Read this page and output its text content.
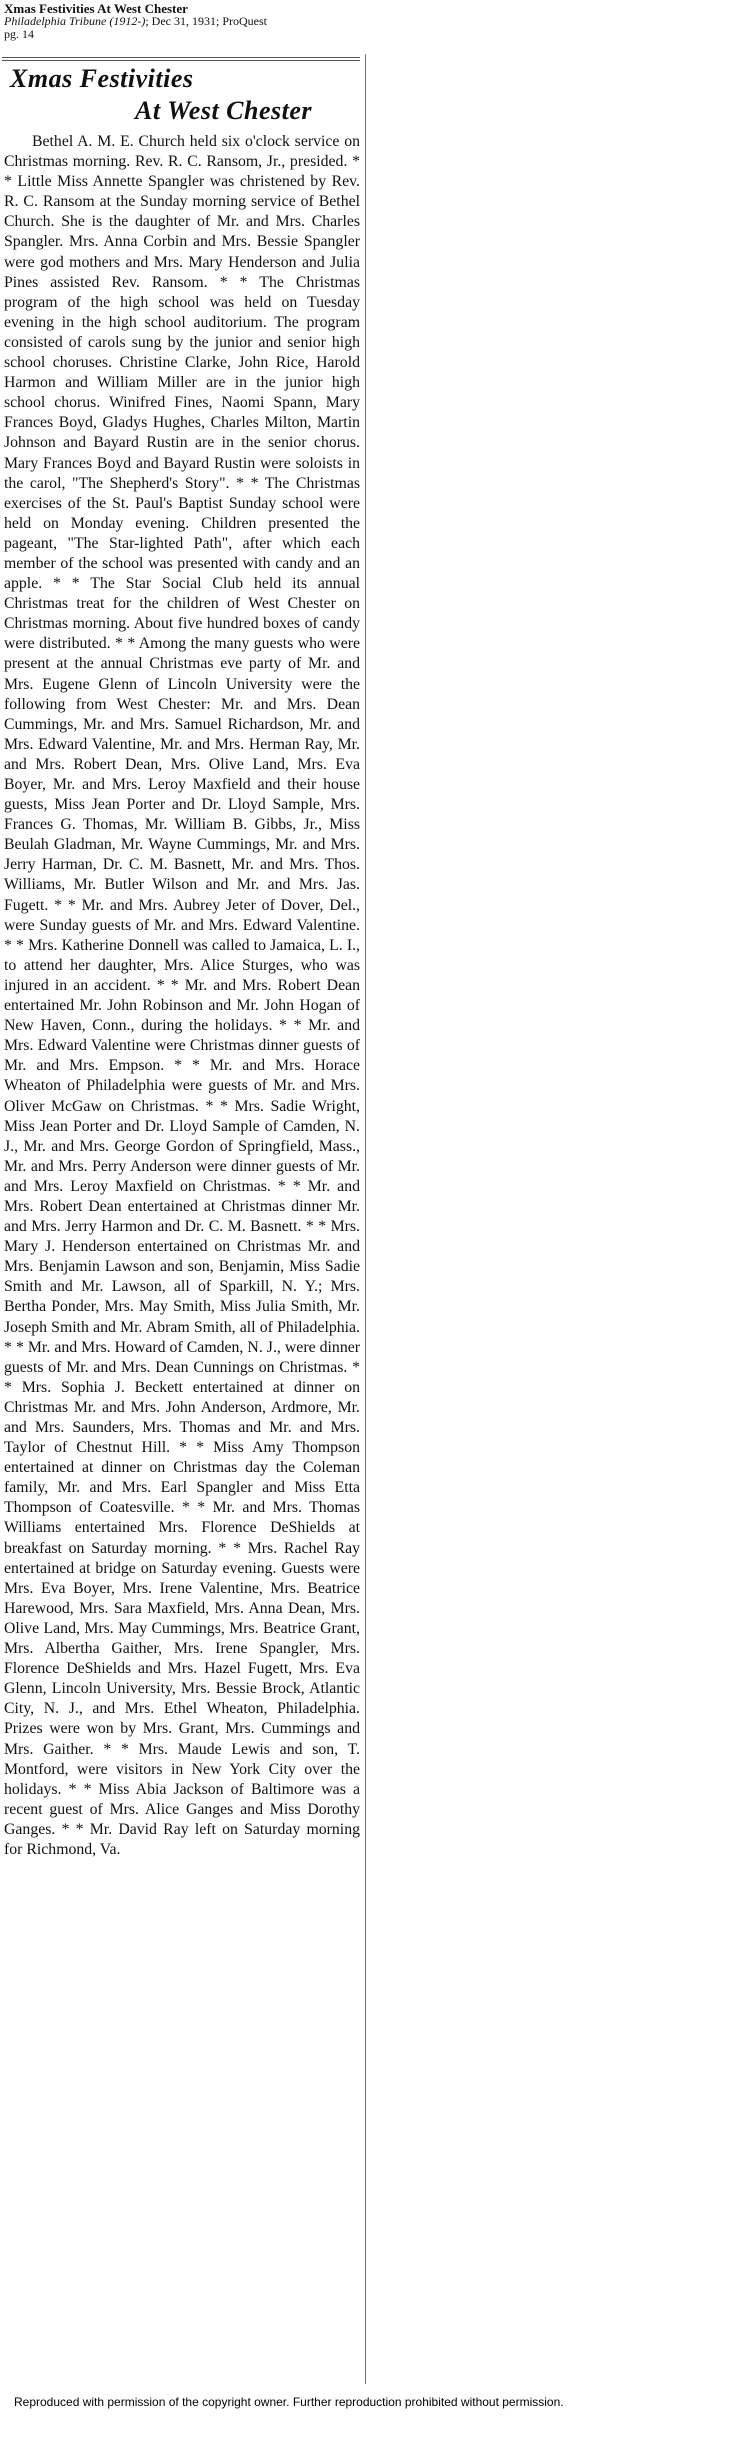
Xmas Festivities At West Chester
Philadelphia Tribune (1912-); Dec 31, 1931; ProQuest
pg. 14
Xmas Festivities
At West Chester
Bethel A. M. E. Church held six o'clock service on Christmas morning. Rev. R. C. Ransom, Jr., presided. * * Little Miss Annette Spangler was christened by Rev. R. C. Ransom at the Sunday morning service of Bethel Church. She is the daughter of Mr. and Mrs. Charles Spangler. Mrs. Anna Corbin and Mrs. Bessie Spangler were god mothers and Mrs. Mary Henderson and Julia Pines assisted Rev. Ransom. * * The Christmas program of the high school was held on Tuesday evening in the high school auditorium. The program consisted of carols sung by the junior and senior high school choruses. Christine Clarke, John Rice, Harold Harmon and William Miller are in the junior high school chorus. Winifred Fines, Naomi Spann, Mary Frances Boyd, Gladys Hughes, Charles Milton, Martin Johnson and Bayard Rustin are in the senior chorus. Mary Frances Boyd and Bayard Rustin were soloists in the carol, "The Shepherd's Story". * * The Christmas exercises of the St. Paul's Baptist Sunday school were held on Monday evening. Children presented the pageant, "The Star-lighted Path", after which each member of the school was presented with candy and an apple. * * The Star Social Club held its annual Christmas treat for the children of West Chester on Christmas morning. About five hundred boxes of candy were distributed. * * Among the many guests who were present at the annual Christmas eve party of Mr. and Mrs. Eugene Glenn of Lincoln University were the following from West Chester: Mr. and Mrs. Dean Cummings, Mr. and Mrs. Samuel Richardson, Mr. and Mrs. Edward Valentine, Mr. and Mrs. Herman Ray, Mr. and Mrs. Robert Dean, Mrs. Olive Land, Mrs. Eva Boyer, Mr. and Mrs. Leroy Maxfield and their house guests, Miss Jean Porter and Dr. Lloyd Sample, Mrs. Frances G. Thomas, Mr. William B. Gibbs, Jr., Miss Beulah Gladman, Mr. Wayne Cummings, Mr. and Mrs. Jerry Harman, Dr. C. M. Basnett, Mr. and Mrs. Thos. Williams, Mr. Butler Wilson and Mr. and Mrs. Jas. Fugett. * * Mr. and Mrs. Aubrey Jeter of Dover, Del., were Sunday guests of Mr. and Mrs. Edward Valentine. * * Mrs. Katherine Donnell was called to Jamaica, L. I., to attend her daughter, Mrs. Alice Sturges, who was injured in an accident. * * Mr. and Mrs. Robert Dean entertained Mr. John Robinson and Mr. John Hogan of New Haven, Conn., during the holidays. * * Mr. and Mrs. Edward Valentine were Christmas dinner guests of Mr. and Mrs. Empson. * * Mr. and Mrs. Horace Wheaton of Philadelphia were guests of Mr. and Mrs. Oliver McGaw on Christmas. * * Mrs. Sadie Wright, Miss Jean Porter and Dr. Lloyd Sample of Camden, N. J., Mr. and Mrs. George Gordon of Springfield, Mass., Mr. and Mrs. Perry Anderson were dinner guests of Mr. and Mrs. Leroy Maxfield on Christmas. * * Mr. and Mrs. Robert Dean entertained at Christmas dinner Mr. and Mrs. Jerry Harmon and Dr. C. M. Basnett. * * Mrs. Mary J. Henderson entertained on Christmas Mr. and Mrs. Benjamin Lawson and son, Benjamin, Miss Sadie Smith and Mr. Lawson, all of Sparkill, N. Y.; Mrs. Bertha Ponder, Mrs. May Smith, Miss Julia Smith, Mr. Joseph Smith and Mr. Abram Smith, all of Philadelphia. * * Mr. and Mrs. Howard of Camden, N. J., were dinner guests of Mr. and Mrs. Dean Cunnings on Christmas. * * Mrs. Sophia J. Beckett entertained at dinner on Christmas Mr. and Mrs. John Anderson, Ardmore, Mr. and Mrs. Saunders, Mrs. Thomas and Mr. and Mrs. Taylor of Chestnut Hill. * * Miss Amy Thompson entertained at dinner on Christmas day the Coleman family, Mr. and Mrs. Earl Spangler and Miss Etta Thompson of Coatesville. * * Mr. and Mrs. Thomas Williams entertained Mrs. Florence DeShields at breakfast on Saturday morning. * * Mrs. Rachel Ray entertained at bridge on Saturday evening. Guests were Mrs. Eva Boyer, Mrs. Irene Valentine, Mrs. Beatrice Harewood, Mrs. Sara Maxfield, Mrs. Anna Dean, Mrs. Olive Land, Mrs. May Cummings, Mrs. Beatrice Grant, Mrs. Albertha Gaither, Mrs. Irene Spangler, Mrs. Florence DeShields and Mrs. Hazel Fugett, Mrs. Eva Glenn, Lincoln University, Mrs. Bessie Brock, Atlantic City, N. J., and Mrs. Ethel Wheaton, Philadelphia. Prizes were won by Mrs. Grant, Mrs. Cummings and Mrs. Gaither. * * Mrs. Maude Lewis and son, T. Montford, were visitors in New York City over the holidays. * * Miss Abia Jackson of Baltimore was a recent guest of Mrs. Alice Ganges and Miss Dorothy Ganges. * * Mr. David Ray left on Saturday morning for Richmond, Va.
Reproduced with permission of the copyright owner. Further reproduction prohibited without permission.
